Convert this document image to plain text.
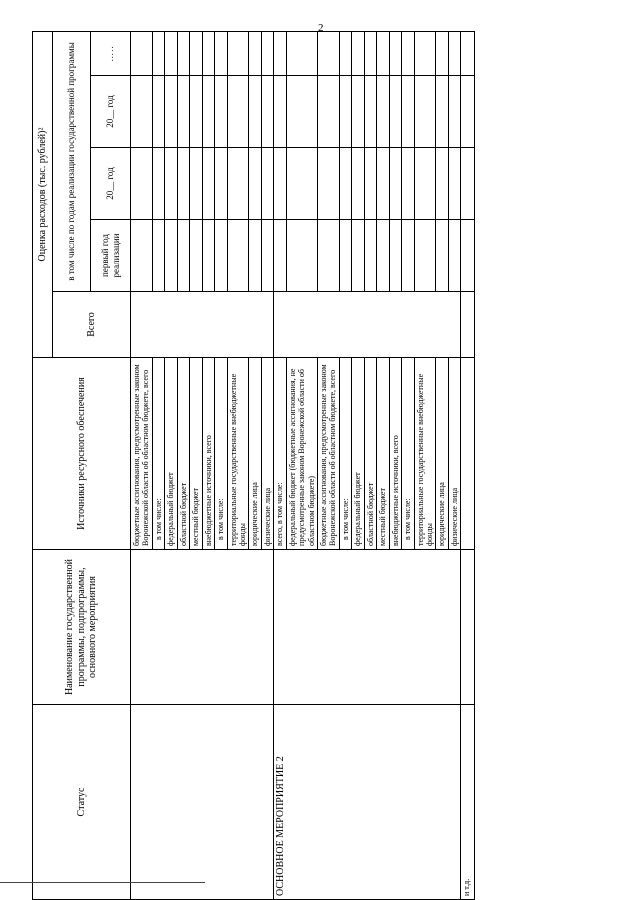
2
Статус	Наименование государственной программы, подпрограммы, основного мероприятия	Источники ресурсного обеспечения	Оценка расходов (тыс. рублей)²				
			Всего	в том числе по годам реализации государственной программы			
				первый год реализации	20__ год	20__ год	…..
		бюджетные ассигнования, предусмотренные законом Воронежской области об областном бюджете, всего					
		в том числе:					
		федеральный бюджет					
		областной бюджет					
		местный бюджет					
		внебюджетные источники, всего					
		в том числе:					
		территориальные государственные внебюджетные фонды					
		юридические лица					
		физические лица					
ОСНОВНОЕ МЕРОПРИЯТИЕ 2		всего, в том числе:					
		федеральный бюджет (бюджетные ассигнования, не предусмотренные законом Воронежской области об областном бюджете)					
		бюджетные ассигнования, предусмотренные законом Воронежской области об областном бюджете, всего					
		в том числе:					
		федеральный бюджет					
		областной бюджет					
		местный бюджет					
		внебюджетные источники, всего					
		в том числе:					
		территориальные государственные внебюджетные фонды					
		юридические лица					
		физические лица					
и т.д.							
